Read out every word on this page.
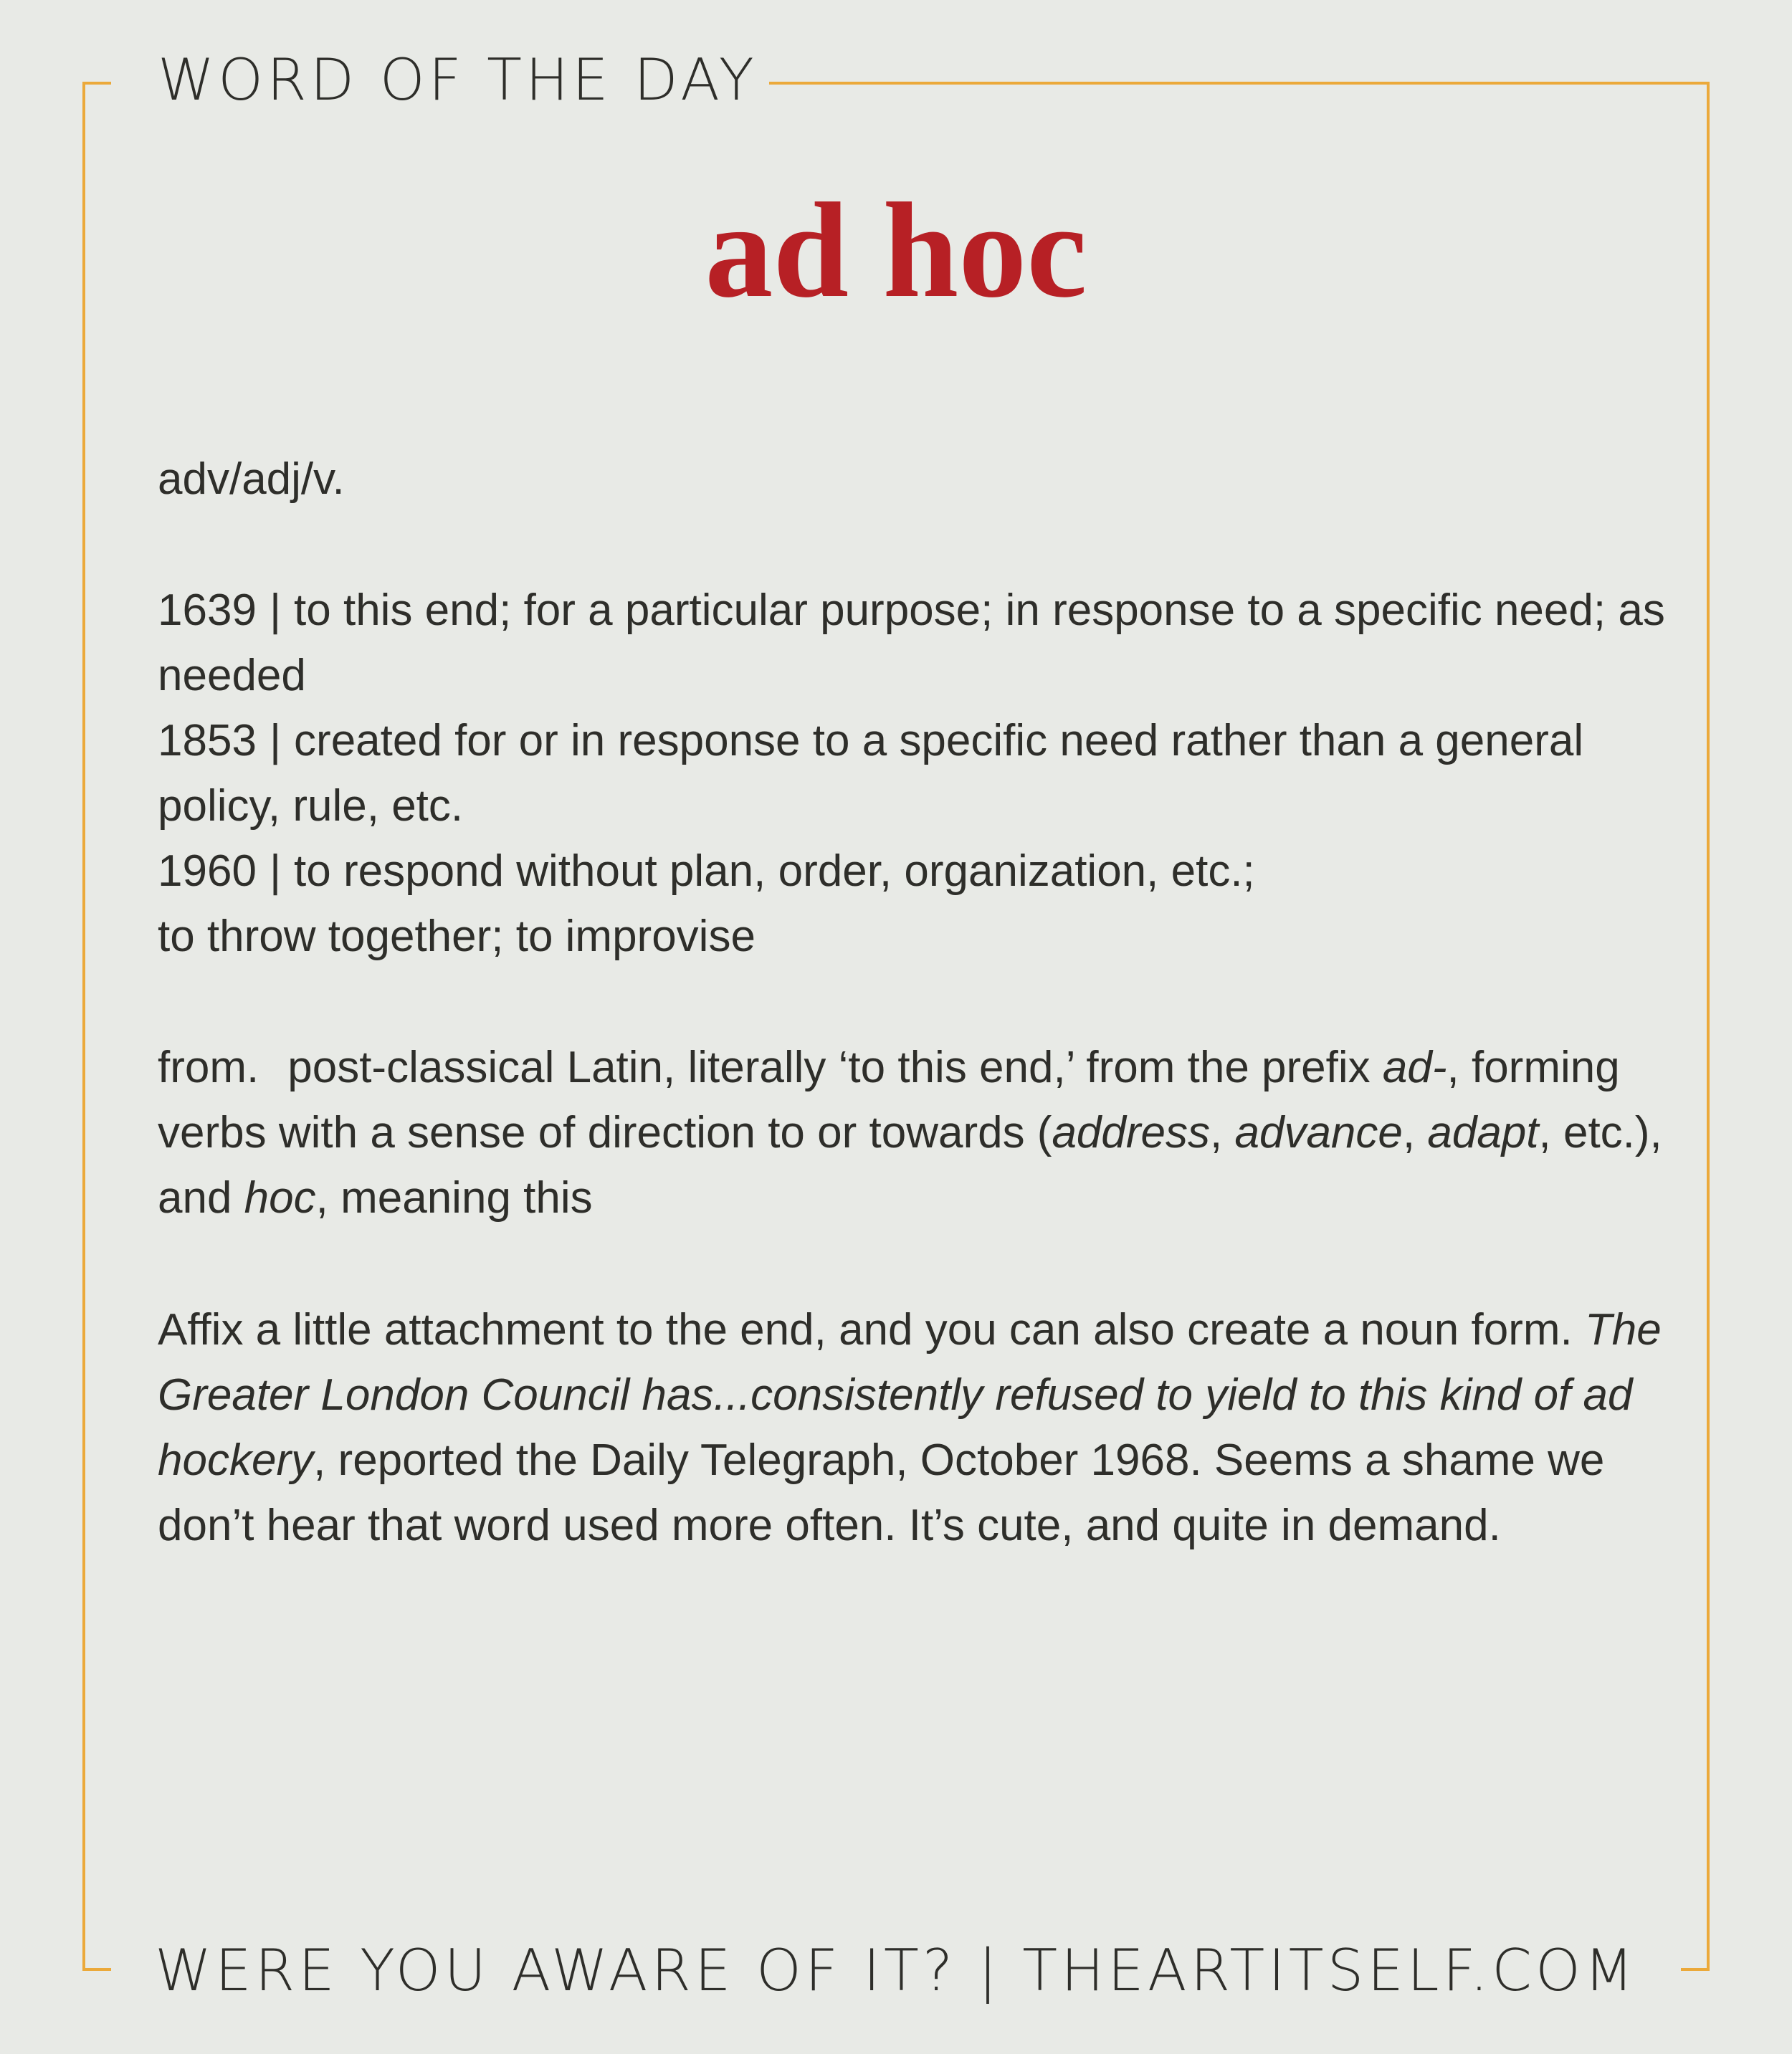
WORD OF THE DAY
ad hoc
adv/adj/v.
1639 | to this end; for a particular purpose; in response to a specific need; as needed
1853 | created for or in response to a specific need rather than a general policy, rule, etc.
1960 | to respond without plan, order, organization, etc.;
to throw together; to improvise
from. post-classical Latin, literally ‘to this end,’ from the prefix ad-, forming verbs with a sense of direction to or towards (address, advance, adapt, etc.), and hoc, meaning this
Affix a little attachment to the end, and you can also create a noun form. The Greater London Council has...consistently refused to yield to this kind of ad hockery, reported the Daily Telegraph, October 1968. Seems a shame we don’t hear that word used more often. It’s cute, and quite in demand.
WERE YOU AWARE OF IT? | THEARTITSELF.COM
